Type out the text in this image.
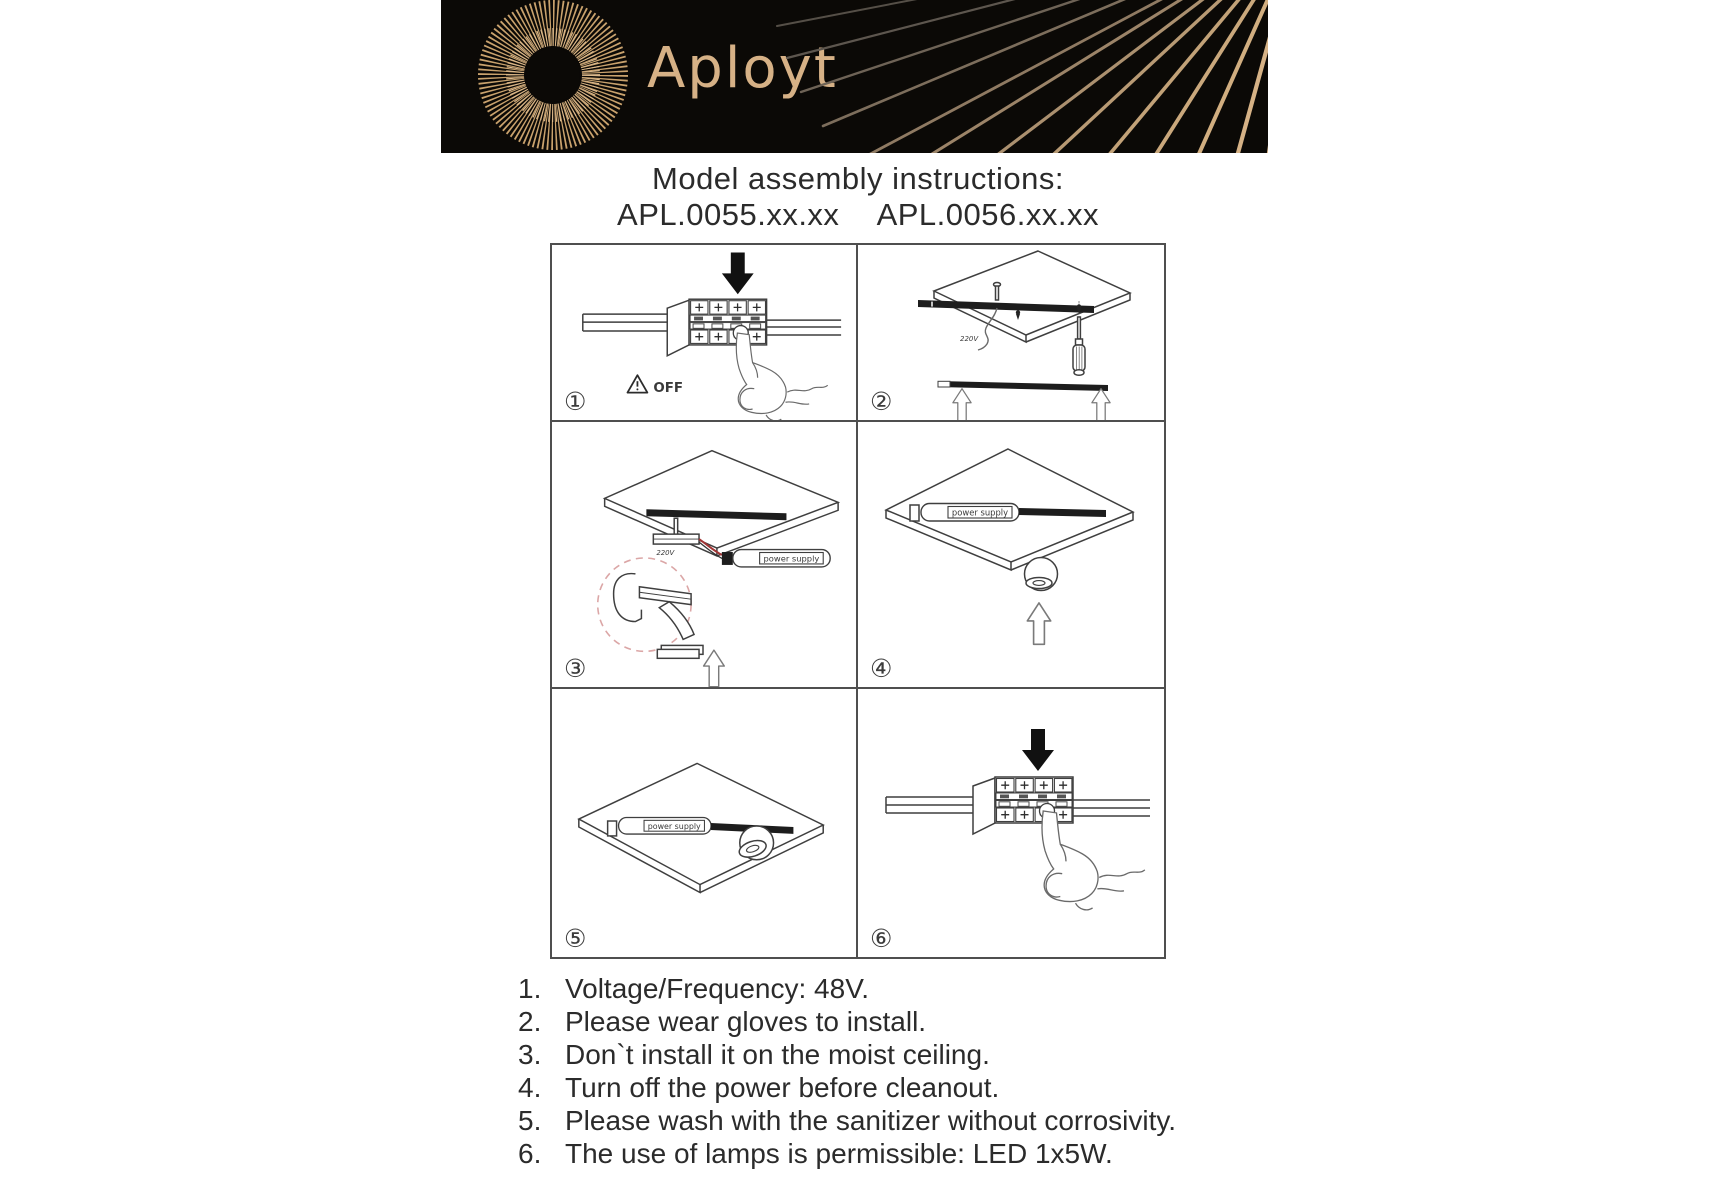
Aployt
Model assembly instructions:
APL.0055.xx.xx APL.0056.xx.xx
OFF
①
220V
②
220V
③	④
⑤	⑥
1. Voltage/Frequency: 48V.
2. Please wear gloves to install.
3. Don`t install it on the moist ceiling.
4. Turn off the power before cleanout.
5. Please wash with the sanitizer without corrosivity.
6. The use of lamps is permissible: LED 1x5W.
